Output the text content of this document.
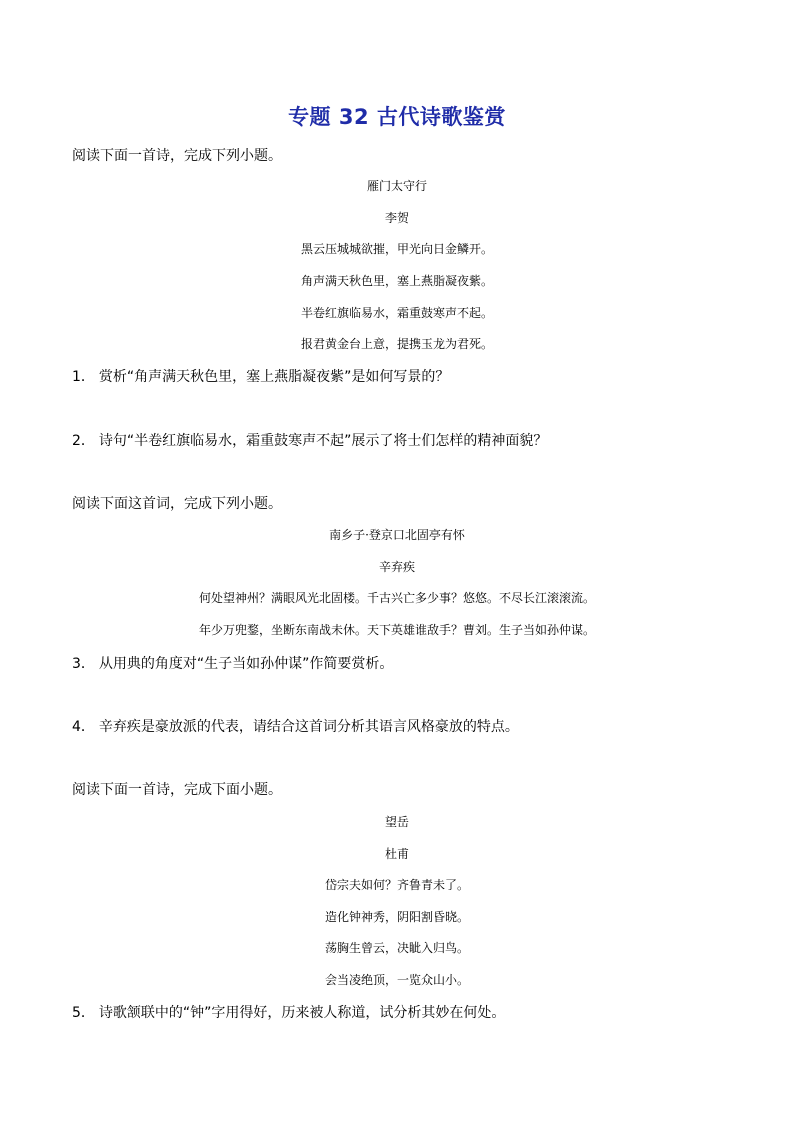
专题 32 古代诗歌鉴赏
阅读下面一首诗，完成下列小题。
雁门太守行
李贺
黑云压城城欲摧，甲光向日金鳞开。
角声满天秋色里，塞上燕脂凝夜紫。
半卷红旗临易水，霜重鼓寒声不起。
报君黄金台上意，提携玉龙为君死。
1． 赏析“角声满天秋色里，塞上燕脂凝夜紫”是如何写景的？
2． 诗句“半卷红旗临易水，霜重鼓寒声不起”展示了将士们怎样的精神面貌？
阅读下面这首词，完成下列小题。
南乡子·登京口北固亭有怀
辛弃疾
何处望神州？满眼风光北固楼。千古兴亡多少事？悠悠。不尽长江滚滚流。
年少万兜鍪，坐断东南战未休。天下英雄谁敌手？曹刘。生子当如孙仲谋。
3． 从用典的角度对“生子当如孙仲谋”作简要赏析。
4． 辛弃疾是豪放派的代表，请结合这首词分析其语言风格豪放的特点。
阅读下面一首诗，完成下面小题。
望岳
杜甫
岱宗夫如何？齐鲁青未了。
造化钟神秀，阴阳割昏晓。
荡胸生曾云，决眦入归鸟。
会当凌绝顶，一览众山小。
5． 诗歌颔联中的“钟”字用得好，历来被人称道，试分析其妙在何处。
